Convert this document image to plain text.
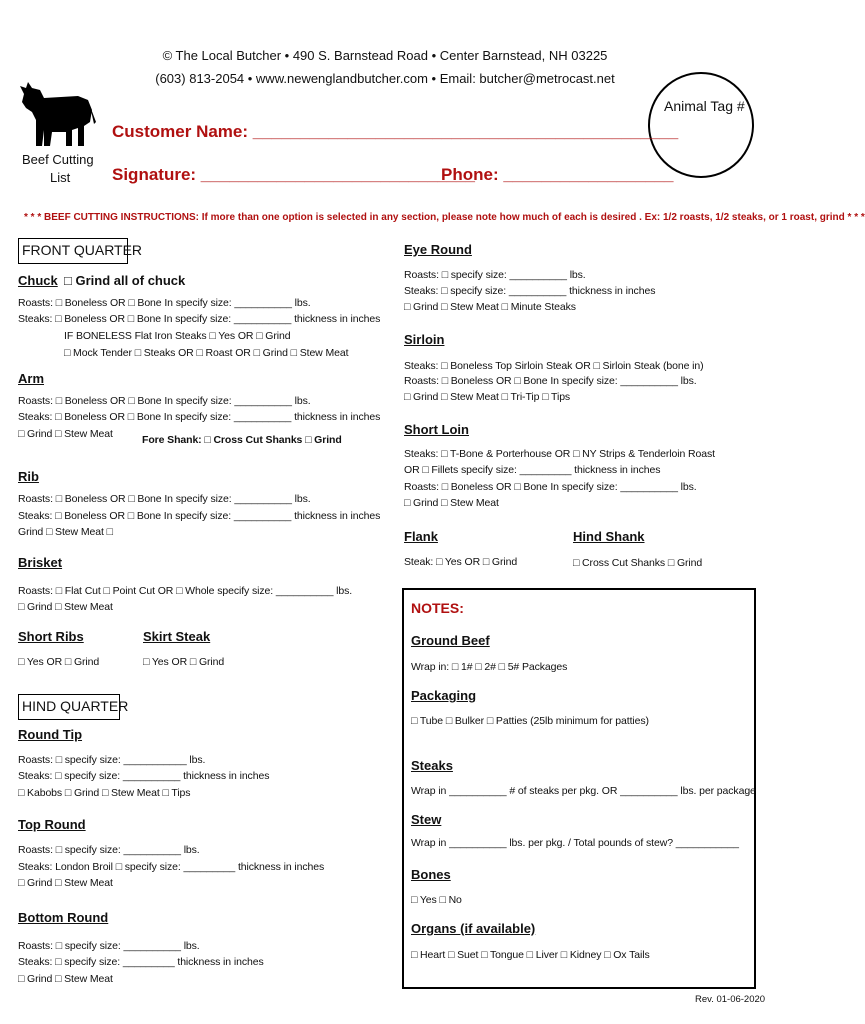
© The Local Butcher • 490 S. Barnstead Road • Center Barnstead, NH 03225
(603) 813-2054 • www.newenglandbutcher.com • Email: butcher@metrocast.net
Beef Cutting
List
Animal Tag #
Customer Name: _____________________________________________
Signature: _____________________________
Phone: __________________
* * * BEEF CUTTING INSTRUCTIONS: If more than one option is selected in any section, please note how much of each is desired . Ex: 1/2 roasts, 1/2 steaks, or 1 roast, grind * * *
FRONT QUARTER
Chuck □ Grind all of chuck
Roasts: □ Boneless OR □ Bone In specify size: __________ lbs.
Steaks: □ Boneless OR □ Bone In specify size: __________ thickness in inches
IF BONELESS Flat Iron Steaks □ Yes OR □ Grind
□ Mock Tender □ Steaks OR □ Roast OR □ Grind □ Stew Meat
Arm
Roasts: □ Boneless OR □ Bone In specify size: __________ lbs.
Steaks: □ Boneless OR □ Bone In specify size: __________ thickness in inches
□ Grind □ Stew Meat	Fore Shank: □ Cross Cut Shanks □ Grind
Rib
Roasts: □ Boneless OR □ Bone In specify size: __________ lbs.
Steaks: □ Boneless OR □ Bone In specify size: __________ thickness in inches
Grind □ Stew Meat □
Brisket
Roasts: □ Flat Cut □ Point Cut OR □ Whole specify size: __________ lbs.
□ Grind □ Stew Meat
Short Ribs
□ Yes OR □ Grind
Skirt Steak
□ Yes OR □ Grind
HIND QUARTER
Round Tip
Roasts: □ specify size: ___________ lbs.
Steaks: □ specify size: __________ thickness in inches
□ Kabobs □ Grind □ Stew Meat □ Tips
Top Round
Roasts: □ specify size: __________ lbs.
Steaks: London Broil □ specify size: _________ thickness in inches
□ Grind □ Stew Meat
Bottom Round
Roasts: □ specify size: __________ lbs.
Steaks: □ specify size: _________ thickness in inches
□ Grind □ Stew Meat
Eye Round
Roasts: □ specify size: __________ lbs.
Steaks: □ specify size: __________ thickness in inches
□ Grind □ Stew Meat □ Minute Steaks
Sirloin
Steaks: □ Boneless Top Sirloin Steak OR □ Sirloin Steak (bone in)
Roasts: □ Boneless OR □ Bone In specify size: __________ lbs.
□ Grind □ Stew Meat □ Tri-Tip □ Tips
Short Loin
Steaks: □ T-Bone & Porterhouse OR □ NY Strips & Tenderloin Roast
OR □ Fillets specify size: _________ thickness in inches
Roasts: □ Boneless OR □ Bone In specify size: __________ lbs.
□ Grind □ Stew Meat
Flank
Steak: □ Yes OR □ Grind
Hind Shank
□ Cross Cut Shanks □ Grind
NOTES:
Ground Beef
Wrap in: □ 1# □ 2# □ 5# Packages
Packaging
□ Tube □ Bulker □ Patties (25lb minimum for patties)
Steaks
Wrap in __________ # of steaks per pkg. OR __________ lbs. per package
Stew
Wrap in __________ lbs. per pkg. / Total pounds of stew? ___________
Bones
□ Yes □ No
Organs (if available)
□ Heart □ Suet □ Tongue □ Liver □ Kidney □ Ox Tails
Rev. 01-06-2020
